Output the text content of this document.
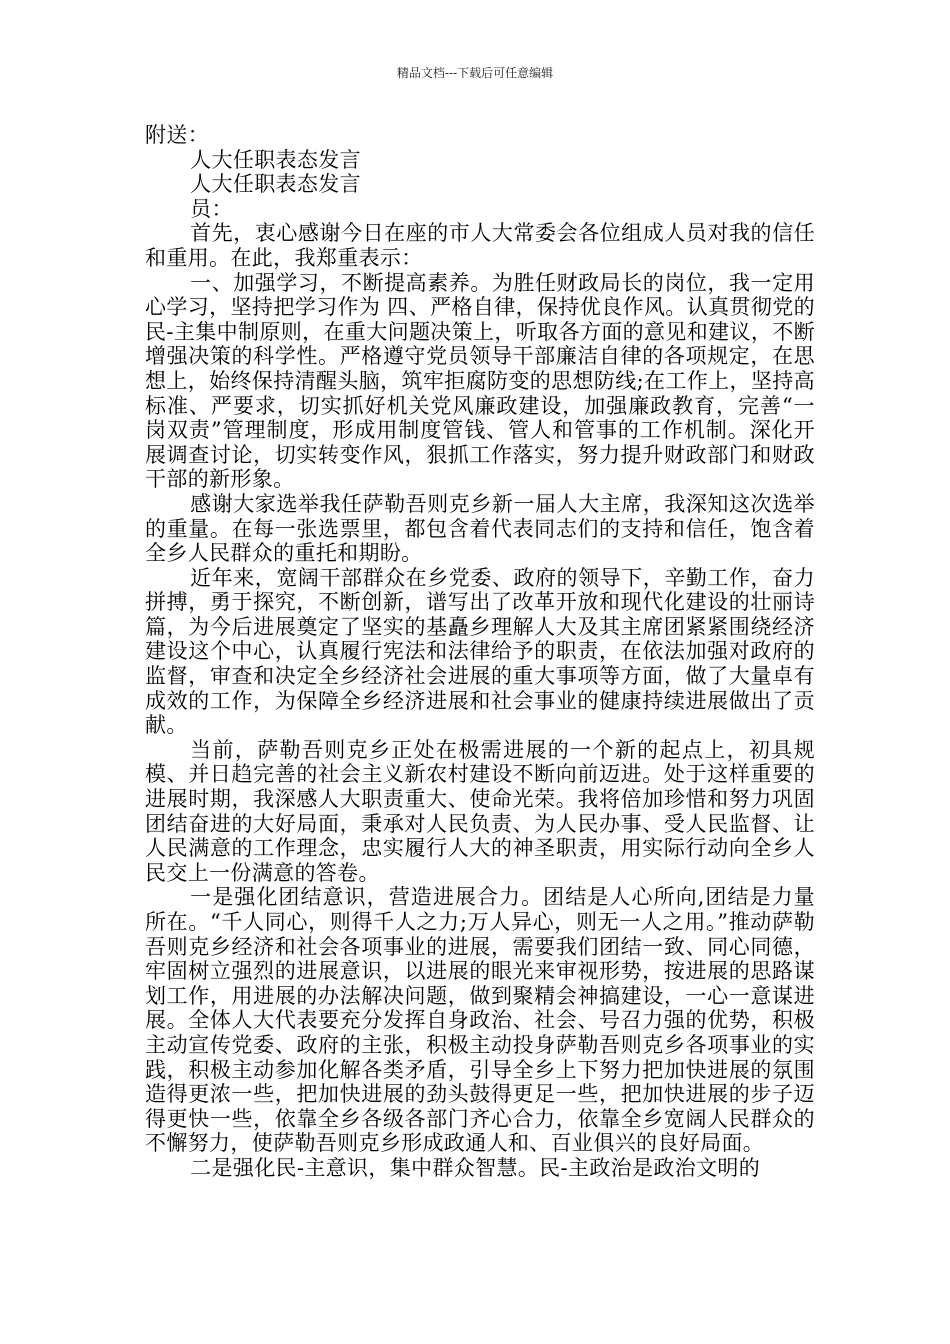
精品文档---下载后可任意编辑

附送：

人大任职表态发言

人大任职表态发言

员：

首先，衷心感谢今日在座的市人大常委会各位组成人员对我的信任和重用。在此，我郑重表示：

一、加强学习，不断提高素养。为胜任财政局长的岗位，我一定用心学习，坚持把学习作为 四、严格自律，保持优良作风。认真贯彻党的民-主集中制原则，在重大问题决策上，听取各方面的意见和建议，不断增强决策的科学性。严格遵守党员领导干部廉洁自律的各项规定，在思想上，始终保持清醒头脑，筑牢拒腐防变的思想防线;在工作上，坚持高标准、严要求，切实抓好机关党风廉政建设，加强廉政教育，完善“一岗双责”管理制度，形成用制度管钱、管人和管事的工作机制。深化开展调查讨论，切实转变作风，狠抓工作落实，努力提升财政部门和财政干部的新形象。

感谢大家选举我任萨勒吾则克乡新一届人大主席，我深知这次选举的重量。在每一张选票里，都包含着代表同志们的支持和信任，饱含着全乡人民群众的重托和期盼。

近年来，宽阔干部群众在乡党委、政府的领导下，辛勤工作，奋力拼搏，勇于探究，不断创新，谱写出了改革开放和现代化建设的壮丽诗篇，为今后进展奠定了坚实的基矗乡理解人大及其主席团紧紧围绕经济建设这个中心，认真履行宪法和法律给予的职责，在依法加强对政府的监督，审查和决定全乡经济社会进展的重大事项等方面，做了大量卓有成效的工作，为保障全乡经济进展和社会事业的健康持续进展做出了贡献。

当前，萨勒吾则克乡正处在极需进展的一个新的起点上，初具规模、并日趋完善的社会主义新农村建设不断向前迈进。处于这样重要的进展时期，我深感人大职责重大、使命光荣。我将倍加珍惜和努力巩固团结奋进的大好局面，秉承对人民负责、为人民办事、受人民监督、让人民满意的工作理念，忠实履行人大的神圣职责，用实际行动向全乡人民交上一份满意的答卷。

一是强化团结意识，营造进展合力。团结是人心所向,团结是力量所在。“千人同心，则得千人之力;万人异心，则无一人之用。”推动萨勒吾则克乡经济和社会各项事业的进展，需要我们团结一致、同心同德，牢固树立强烈的进展意识，以进展的眼光来审视形势，按进展的思路谋划工作，用进展的办法解决问题，做到聚精会神搞建设，一心一意谋进展。全体人大代表要充分发挥自身政治、社会、号召力强的优势，积极主动宣传党委、政府的主张，积极主动投身萨勒吾则克乡各项事业的实践，积极主动参加化解各类矛盾，引导全乡上下努力把加快进展的氛围造得更浓一些，把加快进展的劲头鼓得更足一些，把加快进展的步子迈得更快一些，依靠全乡各级各部门齐心合力，依靠全乡宽阔人民群众的不懈努力，使萨勒吾则克乡形成政通人和、百业俱兴的良好局面。

二是强化民-主意识，集中群众智慧。民-主政治是政治文明的
